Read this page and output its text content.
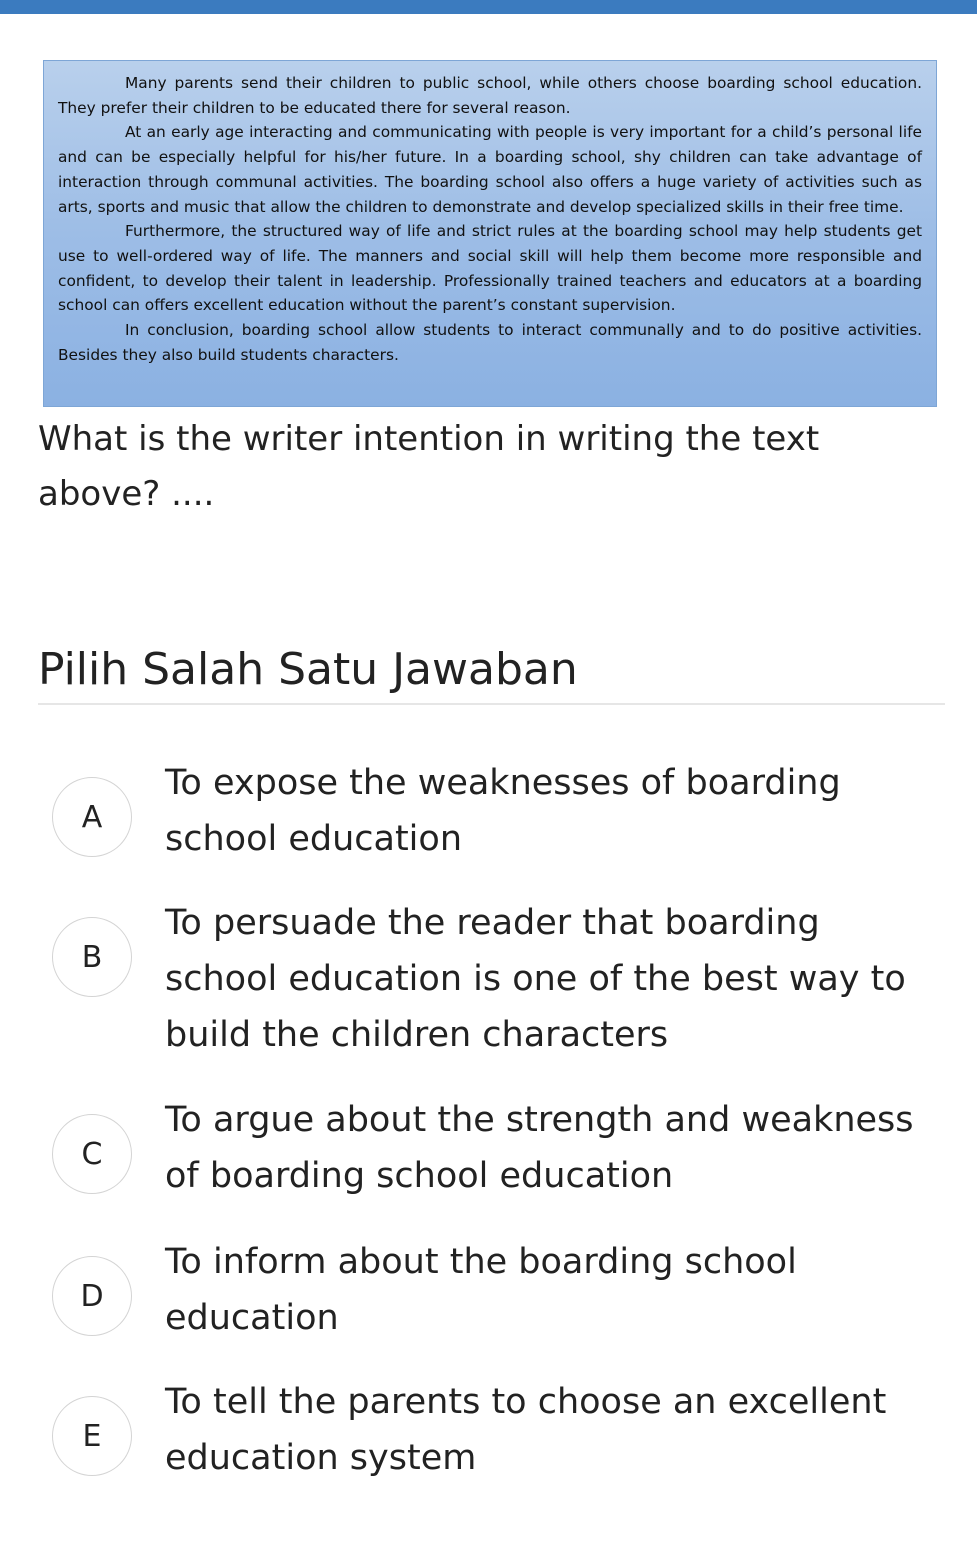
Many parents send their children to public school, while others choose boarding school education. They prefer their children to be educated there for several reason.

At an early age interacting and communicating with people is very important for a child’s personal life and can be especially helpful for his/her future. In a boarding school, shy children can take advantage of interaction through communal activities. The boarding school also offers a huge variety of activities such as arts, sports and music that allow the children to demonstrate and develop specialized skills in their free time.

Furthermore, the structured way of life and strict rules at the boarding school may help students get use to well-ordered way of life. The manners and social skill will help them become more responsible and confident, to develop their talent in leadership. Professionally trained teachers and educators at a boarding school can offers excellent education without the parent’s constant supervision.

In conclusion, boarding school allow students to interact communally and to do positive activities. Besides they also build students characters.

What is the writer intention in writing the text above? ....
Pilih Salah Satu Jawaban
A
To expose the weaknesses of boarding school education
B
To persuade the reader that boarding school education is one of the best way to build the children characters
C
To argue about the strength and weakness of boarding school education
D
To inform about the boarding school education
E
To tell the parents to choose an excellent education system
